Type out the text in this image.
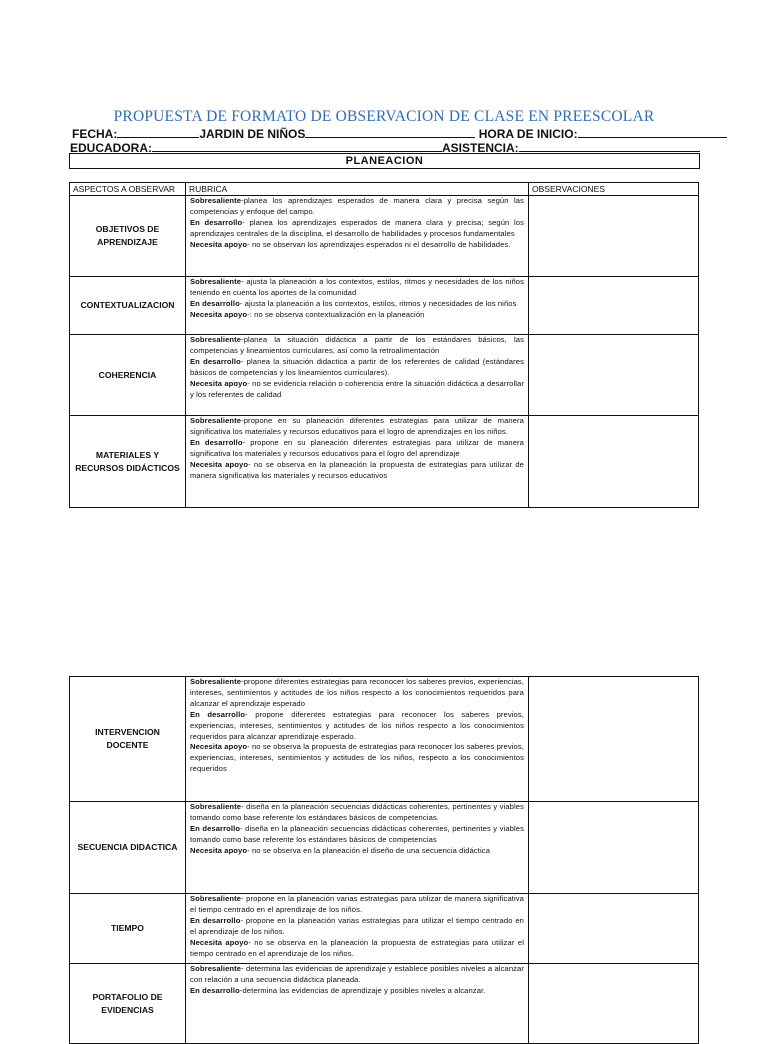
PROPUESTA DE FORMATO DE OBSERVACION DE CLASE EN PREESCOLAR
FECHA:	JARDIN DE NIÑOS	HORA DE INICIO:
EDUCADORA:	ASISTENCIA:
PLANEACION
ASPECTOS A OBSERVAR	RUBRICA	OBSERVACIONES
OBJETIVOS DE APRENDIZAJE	Sobresaliente-planea los aprendizajes esperados de manera clara y precisa según las competencias y enfoque del campo.

En desarrollo- planea los aprendizajes esperados de manera clara y precisa; según los aprendizajes centrales de la disciplina, el desarrollo de habilidades y procesos fundamentales

Necesita apoyo- no se observan los aprendizajes esperados ni el desarrollo de habilidades.	

CONTEXTUALIZACION	Sobresaliente- ajusta la planeación a los contextos, estilos, ritmos y necesidades de los niños teniendo en cuenta los aportes de la comunidad

En desarrollo- ajusta la planeación a los contextos, estilos, ritmos y necesidades de los niños

Necesita apoyo-: no se observa contextualización en la planeación	

COHERENCIA	Sobresaliente-planea la situación didáctica a partir de los estándares básicos, las competencias y lineamientos curriculares, así como la retroalimentación

En desarrollo- planea la situación didactica a partir de los referentes de calidad (estándares básicos de competencias y los lineamientos curriculares).

Necesita apoyo- no se evidencia relación o coherencia entre la situación didáctica a desarrollar y los referentes de calidad	

MATERIALES Y RECURSOS DIDÁCTICOS	Sobresaliente-propone en su planeación diferentes estrategias para utilizar de manera significativa los materiales y recursos educativos para el logro de aprendizajes en los niños.

En desarrollo- propone en su planeación diferentes estrategias para utilizar de manera significativa los materiales y recursos educativos para el logro del aprendizaje

Necesita apoyo- no se observa en la planeación la propuesta de estrategias para utilizar de manera significativa los materiales y recursos educativos	

INTERVENCION DOCENTE	Sobresaliente-propone diferentes estrategias para reconocer los saberes previos, experiencias, intereses, sentimientos y actitudes de los niños respecto a los conocimientos requeridos para alcanzar el aprendizaje esperado

En desarrollo- propone diferentes estrategias para reconocer los saberes previos, experiencias, intereses, sentimientos y actitudes de los niños respecto a los conocimientos requeridos para alcanzar aprendizaje esperado.

Necesita apoyo- no se observa la propuesta de estrategias para reconocer los saberes previos, experiencias, intereses, sentimientos y actitudes de los niños, respecto a los conocimientos requeridos	

SECUENCIA DIDACTICA	Sobresaliente- diseña en la planeación secuencias didácticas coherentes, pertinentes y viables tomando como base referente los estándares básicos de competencias.

En desarrollo- diseña en la planeación secuencias didácticas coherentes, pertinentes y viables tomando como base referente los estándares básicos de competencias

Necesita apoyo- no se observa en la planeación el diseño de una secuencia didáctica	

TIEMPO	Sobresaliente- propone en la planeación varias estrategias para utilizar de manera significativa el tiempo centrado en el aprendizaje de los niños.

En desarrollo- propone en la planeación varias estrategias para utilizar el tiempo centrado en el aprendizaje de los niños.

Necesita apoyo- no se observa en la planeación la propuesta de estrategias para utilizar el tiempo centrado en el aprendizaje de los niños.	

PORTAFOLIO DE EVIDENCIAS	Sobresaliente- determina las evidencias de aprendizaje y establece posibles niveles a alcanzar con relación a una secuencia didáctica planeada.

En desarrollo-determina las evidencias de aprendizaje y posibles niveles a alcanzar.	
